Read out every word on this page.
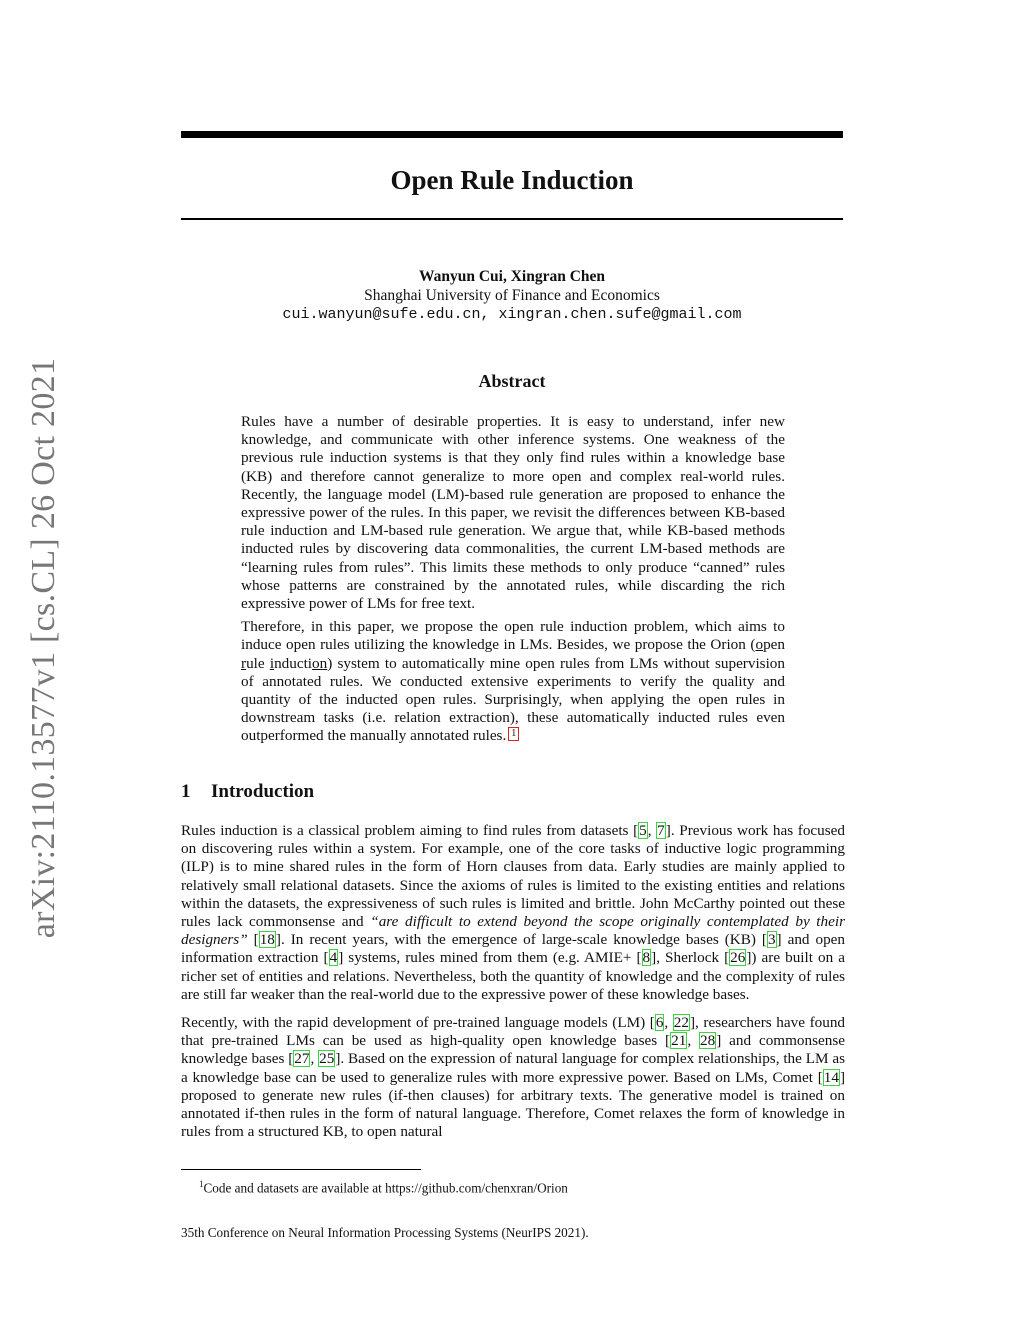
arXiv:2110.13577v1 [cs.CL] 26 Oct 2021
Open Rule Induction
Wanyun Cui, Xingran Chen
Shanghai University of Finance and Economics
cui.wanyun@sufe.edu.cn, xingran.chen.sufe@gmail.com
Abstract

Rules have a number of desirable properties. It is easy to understand, infer new knowledge, and communicate with other inference systems. One weakness of the previous rule induction systems is that they only find rules within a knowledge base (KB) and therefore cannot generalize to more open and complex real-world rules. Recently, the language model (LM)-based rule generation are proposed to enhance the expressive power of the rules. In this paper, we revisit the differences between KB-based rule induction and LM-based rule generation. We argue that, while KB-based methods inducted rules by discovering data commonalities, the current LM-based methods are “learning rules from rules”. This limits these methods to only produce “canned” rules whose patterns are constrained by the annotated rules, while discarding the rich expressive power of LMs for free text.

Therefore, in this paper, we propose the open rule induction problem, which aims to induce open rules utilizing the knowledge in LMs. Besides, we propose the Orion (open rule induction) system to automatically mine open rules from LMs without supervision of annotated rules. We conducted extensive experiments to verify the quality and quantity of the inducted open rules. Surprisingly, when applying the open rules in downstream tasks (i.e. relation extraction), these automatically inducted rules even outperformed the manually annotated rules. 1

1 Introduction

Rules induction is a classical problem aiming to find rules from datasets [5, 7]. Previous work has focused on discovering rules within a system. For example, one of the core tasks of inductive logic programming (ILP) is to mine shared rules in the form of Horn clauses from data. Early studies are mainly applied to relatively small relational datasets. Since the axioms of rules is limited to the existing entities and relations within the datasets, the expressiveness of such rules is limited and brittle. John McCarthy pointed out these rules lack commonsense and “are difficult to extend beyond the scope originally contemplated by their designers” [18]. In recent years, with the emergence of large-scale knowledge bases (KB) [3] and open information extraction [4] systems, rules mined from them (e.g. AMIE+ [8], Sherlock [26]) are built on a richer set of entities and relations. Nevertheless, both the quantity of knowledge and the complexity of rules are still far weaker than the real-world due to the expressive power of these knowledge bases.

Recently, with the rapid development of pre-trained language models (LM) [6, 22], researchers have found that pre-trained LMs can be used as high-quality open knowledge bases [21, 28] and commonsense knowledge bases [27, 25]. Based on the expression of natural language for complex relationships, the LM as a knowledge base can be used to generalize rules with more expressive power. Based on LMs, Comet [14] proposed to generate new rules (if-then clauses) for arbitrary texts. The generative model is trained on annotated if-then rules in the form of natural language. Therefore, Comet relaxes the form of knowledge in rules from a structured KB, to open natural

$^1$Code and datasets are available at https://github.com/chenxran/Orion
35th Conference on Neural Information Processing Systems (NeurIPS 2021).
